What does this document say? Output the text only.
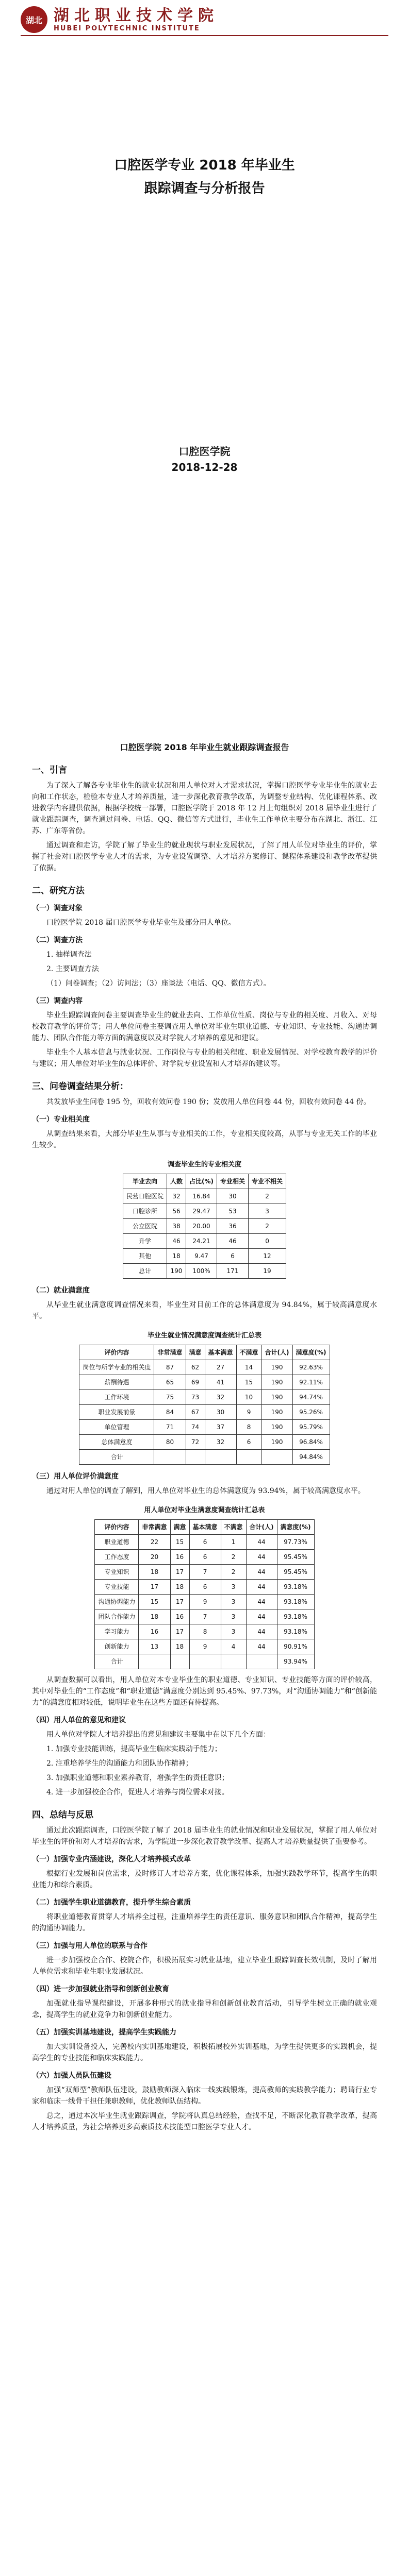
湖北 湖北职业技术学院
HUBEI POLYTECHNIC INSTITUTE
口腔医学专业 2018 年毕业生
跟踪调查与分析报告
口腔医学院
2018-12-28
口腔医学院 2018 年毕业生就业跟踪调查报告
一、引言

为了深入了解各专业毕业生的就业状况和用人单位对人才需求状况，掌握口腔医学专业毕业生的就业去向和工作状态，检验本专业人才培养质量，进一步深化教育教学改革，为调整专业结构、优化课程体系、改进教学内容提供依据，根据学校统一部署，口腔医学院于 2018 年 12 月上旬组织对 2018 届毕业生进行了就业跟踪调查，调查通过问卷、电话、QQ、微信等方式进行，毕业生工作单位主要分布在湖北、浙江、江苏、广东等省份。

通过调查和走访，学院了解了毕业生的就业现状与职业发展状况，了解了用人单位对毕业生的评价，掌握了社会对口腔医学专业人才的需求，为专业设置调整、人才培养方案修订、课程体系建设和教学改革提供了依据。

二、研究方法
（一）调查对象

口腔医学院 2018 届口腔医学专业毕业生及部分用人单位。

（二）调查方法

1. 抽样调查法

2. 主要调查方法

（1）问卷调查；（2）访问法；（3）座谈法（电话、QQ、微信方式）。

（三）调查内容

毕业生跟踪调查问卷主要调查毕业生的就业去向、工作单位性质、岗位与专业的相关度、月收入、对母校教育教学的评价等；用人单位问卷主要调查用人单位对毕业生职业道德、专业知识、专业技能、沟通协调能力、团队合作能力等方面的满意度以及对学院人才培养的意见和建议。

毕业生个人基本信息与就业状况、工作岗位与专业的相关程度、职业发展情况、对学校教育教学的评价与建议；用人单位对毕业生的总体评价、对学院专业设置和人才培养的建议等。

三、问卷调查结果分析：

共发放毕业生问卷 195 份，回收有效问卷 190 份；发放用人单位问卷 44 份，回收有效问卷 44 份。

（一）专业相关度

从调查结果来看，大部分毕业生从事与专业相关的工作，专业相关度较高，从事与专业无关工作的毕业生较少。

调查毕业生的专业相关度
毕业去向	人数	占比(%)	专业相关	专业不相关
民营口腔医院	32	16.84	30	2
口腔诊所	56	29.47	53	3
公立医院	38	20.00	36	2
升学	46	24.21	46	0
其他	18	9.47	6	12
总计	190	100%	171	19
（二）就业满意度

从毕业生就业满意度调查情况来看，毕业生对目前工作的总体满意度为 94.84%，属于较高满意度水平。

毕业生就业情况满意度调查统计汇总表
评价内容	非常满意	满意	基本满意	不满意	合计(人)	满意度(%)
岗位与所学专业的相关度	87	62	27	14	190	92.63%
薪酬待遇	65	69	41	15	190	92.11%
工作环境	75	73	32	10	190	94.74%
职业发展前景	84	67	30	9	190	95.26%
单位管理	71	74	37	8	190	95.79%
总体满意度	80	72	32	6	190	96.84%
合计						94.84%
（三）用人单位评价满意度

通过对用人单位的调查了解到，用人单位对毕业生的总体满意度为 93.94%，属于较高满意度水平。

用人单位对毕业生满意度调查统计汇总表
评价内容	非常满意	满意	基本满意	不满意	合计(人)	满意度(%)
职业道德	22	15	6	1	44	97.73%
工作态度	20	16	6	2	44	95.45%
专业知识	18	17	7	2	44	95.45%
专业技能	17	18	6	3	44	93.18%
沟通协调能力	15	17	9	3	44	93.18%
团队合作能力	18	16	7	3	44	93.18%
学习能力	16	17	8	3	44	93.18%
创新能力	13	18	9	4	44	90.91%
合计						93.94%

从调查数据可以看出，用人单位对本专业毕业生的职业道德、专业知识、专业技能等方面的评价较高，其中对毕业生的“工作态度”和“职业道德”满意度分别达到 95.45%、97.73%，对“沟通协调能力”和“创新能力”的满意度相对较低，说明毕业生在这些方面还有待提高。

（四）用人单位的意见和建议

用人单位对学院人才培养提出的意见和建议主要集中在以下几个方面：

1. 加强专业技能训练，提高毕业生临床实践动手能力；

2. 注重培养学生的沟通能力和团队协作精神；

3. 加强职业道德和职业素养教育，增强学生的责任意识；

4. 进一步加强校企合作，促进人才培养与岗位需求对接。

四、总结与反思

通过此次跟踪调查，口腔医学院了解了 2018 届毕业生的就业情况和职业发展状况，掌握了用人单位对毕业生的评价和对人才培养的需求，为学院进一步深化教育教学改革、提高人才培养质量提供了重要参考。

（一）加强专业内涵建设，深化人才培养模式改革

根据行业发展和岗位需求，及时修订人才培养方案，优化课程体系，加强实践教学环节，提高学生的职业能力和综合素质。

（二）加强学生职业道德教育，提升学生综合素质

将职业道德教育贯穿人才培养全过程，注重培养学生的责任意识、服务意识和团队合作精神，提高学生的沟通协调能力。

（三）加强与用人单位的联系与合作

进一步加强校企合作、校院合作，积极拓展实习就业基地，建立毕业生跟踪调查长效机制，及时了解用人单位需求和毕业生职业发展状况。

（四）进一步加强就业指导和创新创业教育

加强就业指导课程建设，开展多种形式的就业指导和创新创业教育活动，引导学生树立正确的就业观念，提高学生的就业竞争力和创新创业能力。

（五）加强实训基地建设，提高学生实践能力

加大实训设备投入，完善校内实训基地建设，积极拓展校外实训基地，为学生提供更多的实践机会，提高学生的专业技能和临床实践能力。

（六）加强人员队伍建设

加强“双师型”教师队伍建设，鼓励教师深入临床一线实践锻炼，提高教师的实践教学能力；聘请行业专家和临床一线骨干担任兼职教师，优化教师队伍结构。

总之，通过本次毕业生就业跟踪调查，学院将认真总结经验，查找不足，不断深化教育教学改革，提高人才培养质量，为社会培养更多高素质技术技能型口腔医学专业人才。
